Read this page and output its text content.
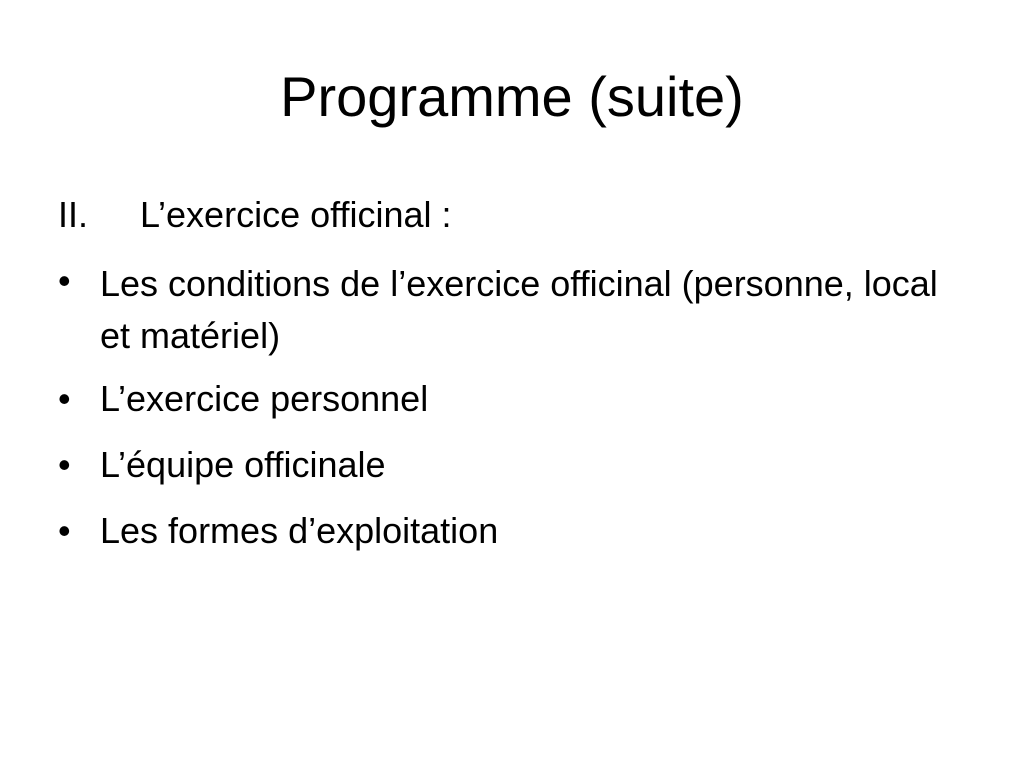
Programme (suite)
II.	L’exercice officinal :
• Les conditions de l’exercice officinal (personne, local et matériel)
• L’exercice personnel
• L’équipe officinale
• Les formes d’exploitation
